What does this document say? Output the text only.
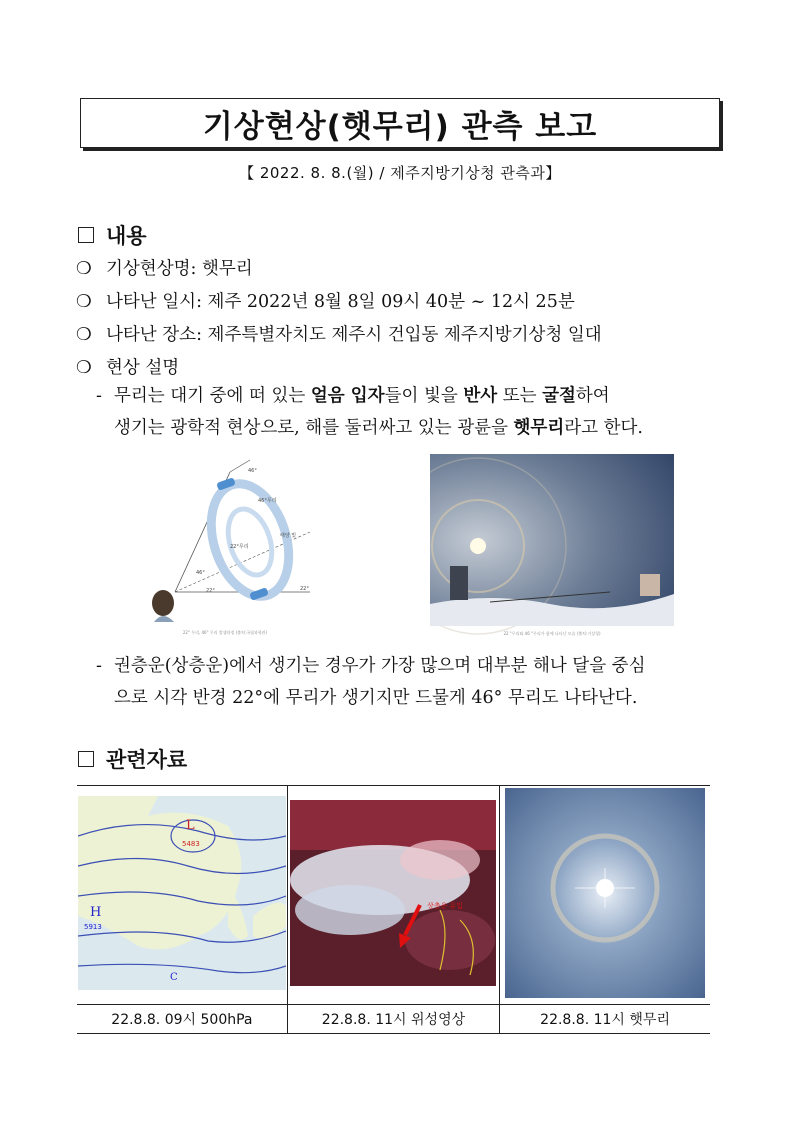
기상현상(햇무리) 관측 보고
【 2022. 8. 8.(월) / 제주지방기상청 관측과】
내용
❍ 기상현상명: 햇무리
❍ 나타난 일시: 제주 2022년 8월 8일 09시 40분 ~ 12시 25분
❍ 나타난 장소: 제주특별자치도 제주시 건입동 제주지방기상청 일대
❍ 현상 설명
- 무리는 대기 중에 떠 있는 얼음 입자들이 빛을 반사 또는 굴절하여
생기는 광학적 현상으로, 해를 둘러싸고 있는 광륜을 햇무리라고 한다.
46°
46°무리
22°무리
태양 빛
22°	22°
46°
22° 무리, 46° 무리 발생과정 (출처:국립과학관)	22 °무리와 46 °무리가 함께 나타난 모습 (출처:기상청)
- 권층운(상층운)에서 생기는 경우가 가장 많으며 대부분 해나 달을 중심
으로 시각 반경 22°에 무리가 생기지만 드물게 46° 무리도 나타난다.
관련자료
L
5483
H
5913
C	상층운 유입

22.8.8. 09시 500hPa	22.8.8. 11시 위성영상	22.8.8. 11시 햇무리
